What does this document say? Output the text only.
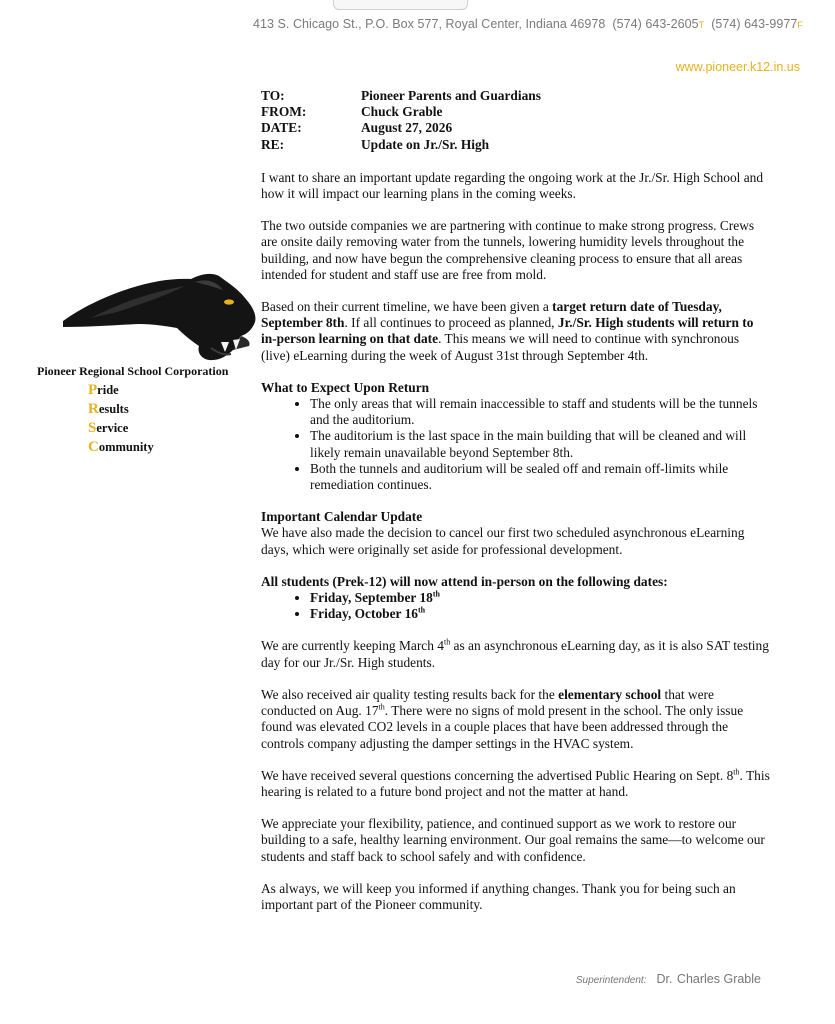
413 S. Chicago St., P.O. Box 577, Royal Center, Indiana 46978 (574) 643-2605T (574) 643-9977F
www.pioneer.k12.in.us
Pioneer Regional School Corporation
Pride
Results
Service
Community
TO:	Pioneer Parents and Guardians
FROM:	Chuck Grable
DATE:	August 27, 2026
RE:	Update on Jr./Sr. High

I want to share an important update regarding the ongoing work at the Jr./Sr. High School and how it will impact our learning plans in the coming weeks.

The two outside companies we are partnering with continue to make strong progress. Crews are onsite daily removing water from the tunnels, lowering humidity levels throughout the building, and now have begun the comprehensive cleaning process to ensure that all areas intended for student and staff use are free from mold.

Based on their current timeline, we have been given a target return date of Tuesday, September 8th. If all continues to proceed as planned, Jr./Sr. High students will return to in-person learning on that date. This means we will need to continue with synchronous (live) eLearning during the week of August 31st through September 4th.

What to Expect Upon Return
• The only areas that will remain inaccessible to staff and students will be the tunnels and the auditorium.
• The auditorium is the last space in the main building that will be cleaned and will likely remain unavailable beyond September 8th.
• Both the tunnels and auditorium will be sealed off and remain off-limits while remediation continues.
Important Calendar Update

We have also made the decision to cancel our first two scheduled asynchronous eLearning days, which were originally set aside for professional development.

All students (Prek-12) will now attend in-person on the following dates:
• Friday, September 18th
• Friday, October 16th

We are currently keeping March 4th as an asynchronous eLearning day, as it is also SAT testing day for our Jr./Sr. High students.

We also received air quality testing results back for the elementary school that were conducted on Aug. 17th. There were no signs of mold present in the school. The only issue found was elevated CO2 levels in a couple places that have been addressed through the controls company adjusting the damper settings in the HVAC system.

We have received several questions concerning the advertised Public Hearing on Sept. 8th. This hearing is related to a future bond project and not the matter at hand.

We appreciate your flexibility, patience, and continued support as we work to restore our building to a safe, healthy learning environment. Our goal remains the same—to welcome our students and staff back to school safely and with confidence.

As always, we will keep you informed if anything changes. Thank you for being such an important part of the Pioneer community.

Superintendent: Dr. Charles Grable
